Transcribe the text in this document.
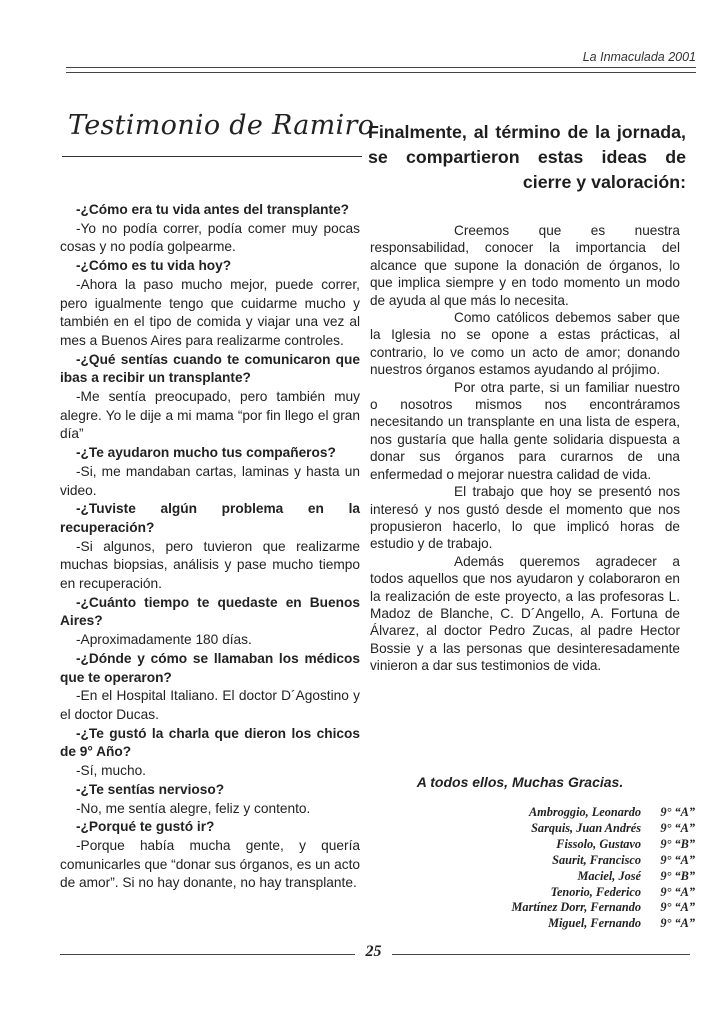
La Inmaculada 2001
Testimonio de Ramiro

-¿Cómo era tu vida antes del transplante?

-Yo no podía correr, podía comer muy pocas cosas y no podía golpearme.

-¿Cómo es tu vida hoy?

-Ahora la paso mucho mejor, puede correr, pero igualmente tengo que cuidarme mucho y también en el tipo de comida y viajar una vez al mes a Buenos Aires para realizarme controles.

-¿Qué sentías cuando te comunicaron que ibas a recibir un transplante?

-Me sentía preocupado, pero también muy alegre. Yo le dije a mi mama “por fin llego el gran día”

-¿Te ayudaron mucho tus compañeros?

-Si, me mandaban cartas, laminas y hasta un video.

-¿Tuviste algún problema en la recuperación?

-Si algunos, pero tuvieron que realizarme muchas biopsias, análisis y pase mucho tiempo en recuperación.

-¿Cuánto tiempo te quedaste en Buenos Aires?

-Aproximadamente 180 días.

-¿Dónde y cómo se llamaban los médicos que te operaron?

-En el Hospital Italiano. El doctor D´Agostino y el doctor Ducas.

-¿Te gustó la charla que dieron los chicos de 9° Año?

-Sí, mucho.

-¿Te sentías nervioso?

-No, me sentía alegre, feliz y contento.

-¿Porqué te gustó ir?

-Porque había mucha gente, y quería comunicarles que “donar sus órganos, es un acto de amor”. Si no hay donante, no hay transplante.

Finalmente, al término de la jornada, se compartieron estas ideas de cierre y valoración:

Creemos que es nuestra responsabilidad, conocer la importancia del alcance que supone la donación de órganos, lo que implica siempre y en todo momento un modo de ayuda al que más lo necesita.

Como católicos debemos saber que la Iglesia no se opone a estas prácticas, al contrario, lo ve como un acto de amor; donando nuestros órganos estamos ayudando al prójimo.

Por otra parte, si un familiar nuestro o nosotros mismos nos encontráramos necesitando un transplante en una lista de espera, nos gustaría que halla gente solidaria dispuesta a donar sus órganos para curarnos de una enfermedad o mejorar nuestra calidad de vida.

El trabajo que hoy se presentó nos interesó y nos gustó desde el momento que nos propusieron hacerlo, lo que implicó horas de estudio y de trabajo.

Además queremos agradecer a todos aquellos que nos ayudaron y colaboraron en la realización de este proyecto, a las profesoras L. Madoz de Blanche, C. D´Angello, A. Fortuna de Álvarez, al doctor Pedro Zucas, al padre Hector Bossie y a las personas que desinteresadamente vinieron a dar sus testimonios de vida.

A todos ellos, Muchas Gracias.
Ambroggio, Leonardo	9° “A”
Sarquis, Juan Andrés	9° “A”
Fissolo, Gustavo	9° “B”
Saurit, Francisco	9° “A”
Maciel, José	9° “B”
Tenorio, Federico	9° “A”
Martínez Dorr, Fernando	9° “A”
Miguel, Fernando	9° “A”
25
